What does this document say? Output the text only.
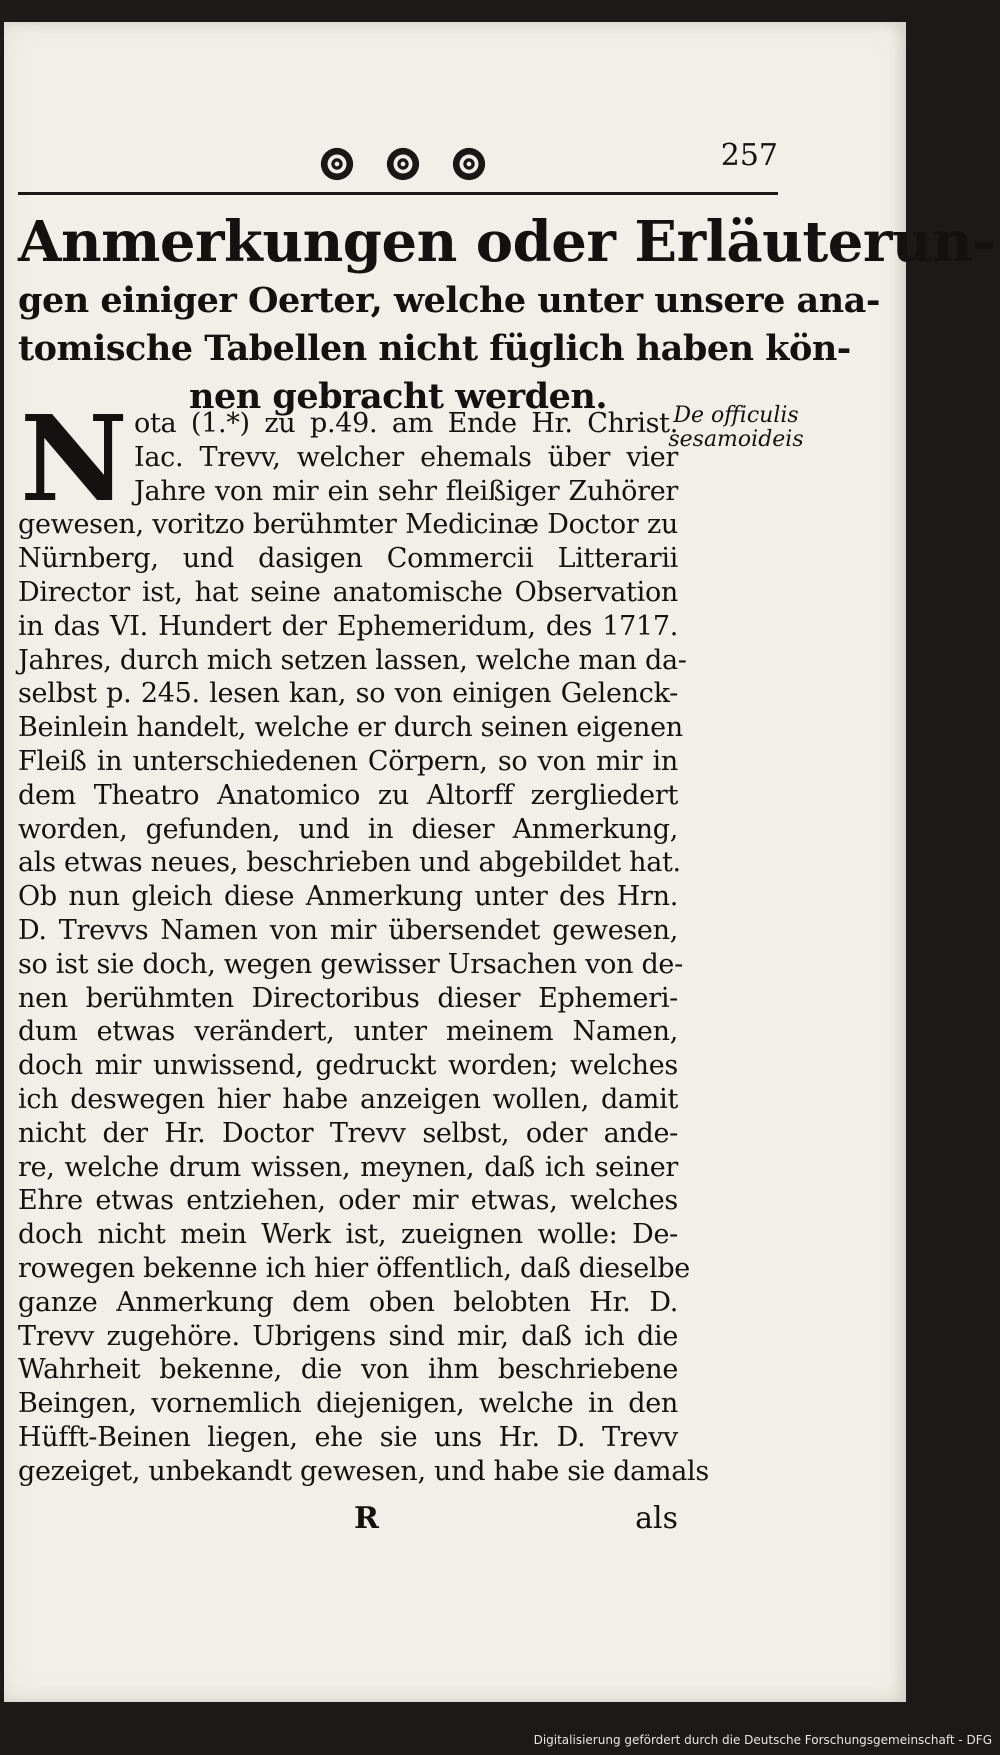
257
Anmerkungen oder Erläuterun-
gen einiger Oerter, welche unter unsere ana-
tomische Tabellen nicht füglich haben kön-
nen gebracht werden.	De officulis sesamoideis
N ota (1.*) zu p.49. am Ende Hr. Christ.
Iac. Trevv, welcher ehemals über vier
Jahre von mir ein sehr fleißiger Zuhörer
gewesen, voritzo berühmter Medicinæ Doctor zu
Nürnberg, und dasigen Commercii Litterarii
Director ist, hat seine anatomische Observation
in das VI. Hundert der Ephemeridum, des 1717.
Jahres, durch mich setzen lassen, welche man da-
selbst p. 245. lesen kan, so von einigen Gelenck-
Beinlein handelt, welche er durch seinen eigenen
Fleiß in unterschiedenen Cörpern, so von mir in
dem Theatro Anatomico zu Altorff zergliedert
worden, gefunden, und in dieser Anmerkung,
als etwas neues, beschrieben und abgebildet hat.
Ob nun gleich diese Anmerkung unter des Hrn.
D. Trevvs Namen von mir übersendet gewesen,
so ist sie doch, wegen gewisser Ursachen von de-
nen berühmten Directoribus dieser Ephemeri-
dum etwas verändert, unter meinem Namen,
doch mir unwissend, gedruckt worden; welches
ich deswegen hier habe anzeigen wollen, damit
nicht der Hr. Doctor Trevv selbst, oder ande-
re, welche drum wissen, meynen, daß ich seiner
Ehre etwas entziehen, oder mir etwas, welches
doch nicht mein Werk ist, zueignen wolle: De-
rowegen bekenne ich hier öffentlich, daß dieselbe
ganze Anmerkung dem oben belobten Hr. D.
Trevv zugehöre. Ubrigens sind mir, daß ich die
Wahrheit bekenne, die von ihm beschriebene
Beingen, vornemlich diejenigen, welche in den
Hüfft-Beinen liegen, ehe sie uns Hr. D. Trevv
gezeiget, unbekandt gewesen, und habe sie damals
R	als
Digitalisierung gefördert durch die Deutsche Forschungsgemeinschaft - DFG
